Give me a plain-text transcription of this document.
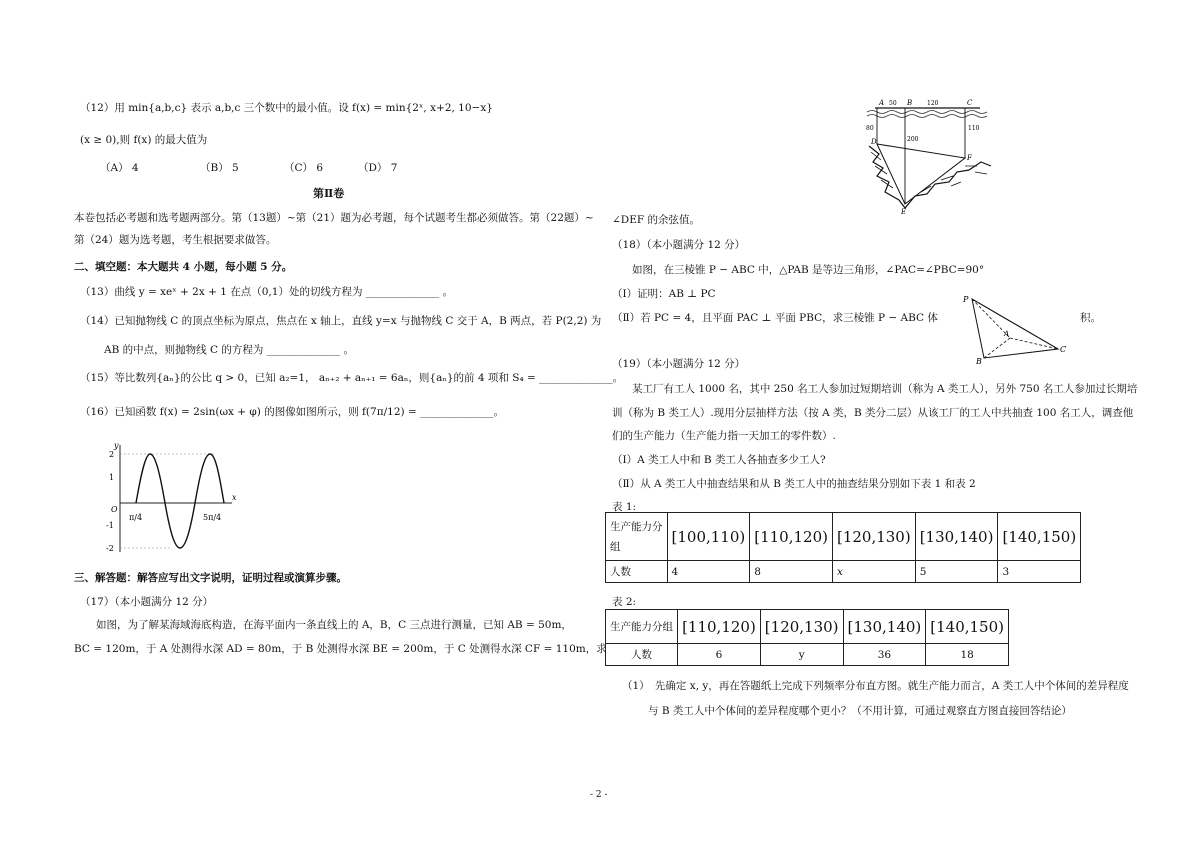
（12）用 min{a,b,c} 表示 a,b,c 三个数中的最小值。设 f(x) = min{2ˣ, x+2, 10−x}
(x ≥ 0),则 f(x) 的最大值为
（A） 4	（B） 5	（C） 6	（D） 7
第Ⅱ卷
本卷包括必考题和选考题两部分。第（13题）~第（21）题为必考题，每个试题考生都必须做答。第（22题）~
第（24）题为选考题，考生根据要求做答。
二、填空题：本大题共 4 小题，每小题 5 分。
（13）曲线 y = xeˣ + 2x + 1 在点（0,1）处的切线方程为 ______________ 。
（14）已知抛物线 C 的顶点坐标为原点，焦点在 x 轴上，直线 y=x 与抛物线 C 交于 A，B 两点，若 P(2,2) 为
AB 的中点，则抛物线 C 的方程为 ______________ 。
（15）等比数列{aₙ}的公比 q > 0，已知 a₂=1， aₙ₊₂ + aₙ₊₁ = 6aₙ，则{aₙ}的前 4 项和 S₄ = ______________。
（16）已知函数 f(x) = 2sin(ωx + φ) 的图像如图所示，则 f(7π/12) = ______________。
y
x
O
2
1
-1
-2
π/4	5π/4
三、解答题：解答应写出文字说明，证明过程或演算步骤。
（17）（本小题满分 12 分）
如图，为了解某海域海底构造，在海平面内一条直线上的 A，B，C 三点进行测量，已知 AB = 50m，
BC = 120m，于 A 处测得水深 AD = 80m，于 B 处测得水深 BE = 200m，于 C 处测得水深 CF = 110m，求
A	B	C
D
E
F
50	120
80
200
110
∠DEF 的余弦值。
（18）（本小题满分 12 分）
如图，在三棱锥 P − ABC 中，△PAB 是等边三角形，∠PAC=∠PBC=90°
（Ⅰ）证明：AB ⊥ PC
（Ⅱ）若 PC = 4，且平面 PAC ⊥ 平面 PBC，求三棱锥 P − ABC 体	积。
P
A
B
C
（19）（本小题满分 12 分）
某工厂有工人 1000 名，其中 250 名工人参加过短期培训（称为 A 类工人），另外 750 名工人参加过长期培
训（称为 B 类工人）.现用分层抽样方法（按 A 类，B 类分二层）从该工厂的工人中共抽查 100 名工人，调查他
们的生产能力（生产能力指一天加工的零件数）.
（Ⅰ）A 类工人中和 B 类工人各抽查多少工人?
（Ⅱ）从 A 类工人中抽查结果和从 B 类工人中的抽查结果分别如下表 1 和表 2
表 1:
生产能力分
组	[100,110)	[110,120)	[120,130)	[130,140)	[140,150)
人数	4	8	x	5	3
表 2:
生产能力分组	[110,120)	[120,130)	[130,140)	[140,150)
人数	6	y	36	18
（1）　先确定 x, y，再在答题纸上完成下列频率分布直方图。就生产能力而言，A 类工人中个体间的差异程度
与 B 类工人中个体间的差异程度哪个更小？（不用计算，可通过观察直方图直接回答结论）
- 2 -
